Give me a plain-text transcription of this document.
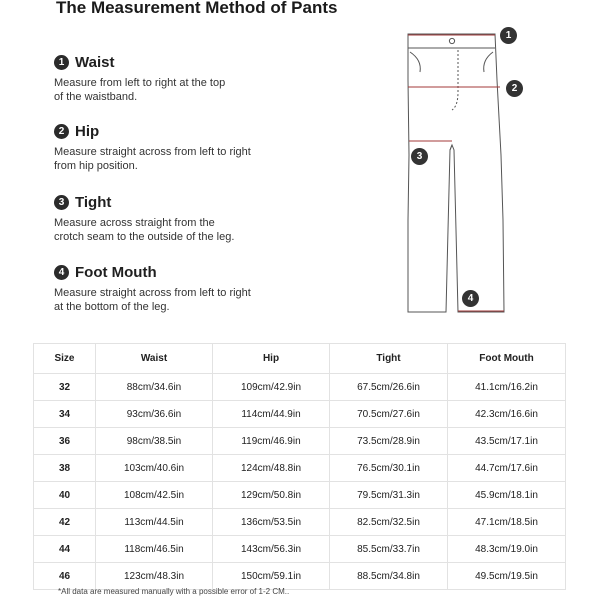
The Measurement Method of Pants
1 Waist
Measure from left to right at the top
of the waistband.
2 Hip
Measure straight across from left to right
from hip position.
3 Tight
Measure across straight from the
crotch seam to the outside of the leg.
4 Foot Mouth
Measure straight across from left to right
at the bottom of the leg.
1
2
3
4
Size	Waist	Hip	Tight	Foot Mouth
32	88cm/34.6in	109cm/42.9in	67.5cm/26.6in	41.1cm/16.2in
34	93cm/36.6in	114cm/44.9in	70.5cm/27.6in	42.3cm/16.6in
36	98cm/38.5in	119cm/46.9in	73.5cm/28.9in	43.5cm/17.1in
38	103cm/40.6in	124cm/48.8in	76.5cm/30.1in	44.7cm/17.6in
40	108cm/42.5in	129cm/50.8in	79.5cm/31.3in	45.9cm/18.1in
42	113cm/44.5in	136cm/53.5in	82.5cm/32.5in	47.1cm/18.5in
44	118cm/46.5in	143cm/56.3in	85.5cm/33.7in	48.3cm/19.0in
46	123cm/48.3in	150cm/59.1in	88.5cm/34.8in	49.5cm/19.5in
*All data are measured manually with a possible error of 1-2 CM..
